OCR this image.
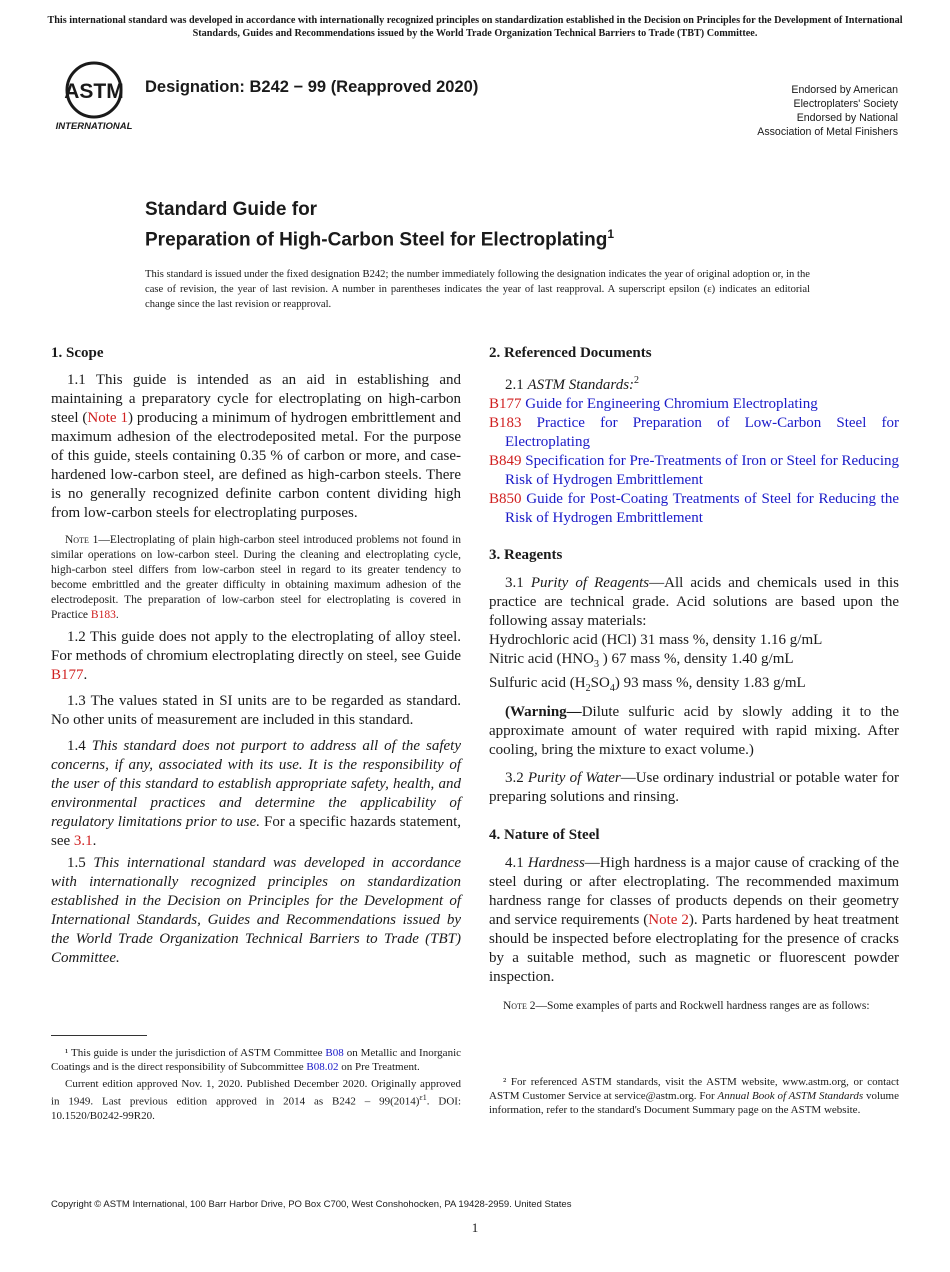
This international standard was developed in accordance with internationally recognized principles on standardization established in the Decision on Principles for the Development of International Standards, Guides and Recommendations issued by the World Trade Organization Technical Barriers to Trade (TBT) Committee.
ASTM
INTERNATIONAL
Designation: B242 − 99 (Reapproved 2020)	Endorsed by American
Electroplaters' Society
Endorsed by National
Association of Metal Finishers
Standard Guide for
Preparation of High-Carbon Steel for Electroplating$^1$
This standard is issued under the fixed designation B242; the number immediately following the designation indicates the year of original adoption or, in the case of revision, the year of last revision. A number in parentheses indicates the year of last reapproval. A superscript epsilon (ε) indicates an editorial change since the last revision or reapproval.
1. Scope

1.1 This guide is intended as an aid in establishing and maintaining a preparatory cycle for electroplating on high-carbon steel (Note 1) producing a minimum of hydrogen embrittlement and maximum adhesion of the electrodeposited metal. For the purpose of this guide, steels containing 0.35 % of carbon or more, and case-hardened low-carbon steel, are defined as high-carbon steels. There is no generally recognized definite carbon content dividing high from low-carbon steels for electroplating purposes.

Note 1—Electroplating of plain high-carbon steel introduced problems not found in similar operations on low-carbon steel. During the cleaning and electroplating cycle, high-carbon steel differs from low-carbon steel in regard to its greater tendency to become embrittled and the greater difficulty in obtaining maximum adhesion of the electrodeposit. The preparation of low-carbon steel for electroplating is covered in Practice B183.

1.2 This guide does not apply to the electroplating of alloy steel. For methods of chromium electroplating directly on steel, see Guide B177.

1.3 The values stated in SI units are to be regarded as standard. No other units of measurement are included in this standard.

1.4 This standard does not purport to address all of the safety concerns, if any, associated with its use. It is the responsibility of the user of this standard to establish appropriate safety, health, and environmental practices and determine the applicability of regulatory limitations prior to use. For a specific hazards statement, see 3.1.

1.5 This international standard was developed in accordance with internationally recognized principles on standardization established in the Decision on Principles for the Development of International Standards, Guides and Recommendations issued by the World Trade Organization Technical Barriers to Trade (TBT) Committee.

¹ This guide is under the jurisdiction of ASTM Committee B08 on Metallic and Inorganic Coatings and is the direct responsibility of Subcommittee B08.02 on Pre Treatment.
Current edition approved Nov. 1, 2020. Published December 2020. Originally approved in 1949. Last previous edition approved in 2014 as $B242 - 99(2014)^{\varepsilon 1}$. DOI: 10.1520/B0242-99R20.
2. Referenced Documents

2.1 ASTM Standards:$^2$

B177 Guide for Engineering Chromium Electroplating

B183 Practice for Preparation of Low-Carbon Steel for Electroplating

B849 Specification for Pre-Treatments of Iron or Steel for Reducing Risk of Hydrogen Embrittlement

B850 Guide for Post-Coating Treatments of Steel for Reducing the Risk of Hydrogen Embrittlement

3. Reagents

3.1 Purity of Reagents—All acids and chemicals used in this practice are technical grade. Acid solutions are based upon the following assay materials:

Hydrochloric acid (HCl) 31 mass %, density 1.16 g/mL

Nitric acid ($HNO_3$ ) 67 mass %, density 1.40 g/mL

Sulfuric acid $(H_2SO_4)$ 93 mass %, density 1.83 g/mL

(Warning—Dilute sulfuric acid by slowly adding it to the approximate amount of water required with rapid mixing. After cooling, bring the mixture to exact volume.)

3.2 Purity of Water—Use ordinary industrial or potable water for preparing solutions and rinsing.

4. Nature of Steel

4.1 Hardness—High hardness is a major cause of cracking of the steel during or after electroplating. The recommended maximum hardness range for classes of products depends on their geometry and service requirements (Note 2). Parts hardened by heat treatment should be inspected before electroplating for the presence of cracks by a suitable method, such as magnetic or fluorescent powder inspection.

Note 2—Some examples of parts and Rockwell hardness ranges are as follows:

² For referenced ASTM standards, visit the ASTM website, www.astm.org, or contact ASTM Customer Service at service@astm.org. For Annual Book of ASTM Standards volume information, refer to the standard's Document Summary page on the ASTM website.
Copyright © ASTM International, 100 Barr Harbor Drive, PO Box C700, West Conshohocken, PA 19428-2959. United States
1
